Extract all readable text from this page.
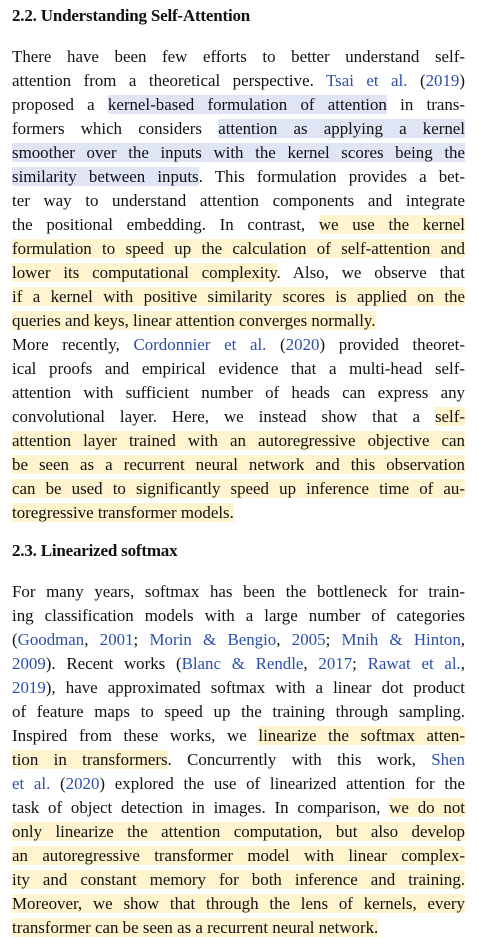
2.2. Understanding Self-Attention
There have been few efforts to better understand self-
attention from a theoretical perspective. Tsai et al. (2019)
proposed a kernel-based formulation of attention in trans-
formers which considers attention as applying a kernel
smoother over the inputs with the kernel scores being the
similarity between inputs. This formulation provides a bet-
ter way to understand attention components and integrate
the positional embedding. In contrast, we use the kernel
formulation to speed up the calculation of self-attention and
lower its computational complexity. Also, we observe that
if a kernel with positive similarity scores is applied on the
queries and keys, linear attention converges normally.
More recently, Cordonnier et al. (2020) provided theoret-
ical proofs and empirical evidence that a multi-head self-
attention with sufficient number of heads can express any
convolutional layer. Here, we instead show that a self-
attention layer trained with an autoregressive objective can
be seen as a recurrent neural network and this observation
can be used to significantly speed up inference time of au-
toregressive transformer models.
2.3. Linearized softmax
For many years, softmax has been the bottleneck for train-
ing classification models with a large number of categories
(Goodman, 2001; Morin & Bengio, 2005; Mnih & Hinton,
2009). Recent works (Blanc & Rendle, 2017; Rawat et al.,
2019), have approximated softmax with a linear dot product
of feature maps to speed up the training through sampling.
Inspired from these works, we linearize the softmax atten-
tion in transformers. Concurrently with this work, Shen
et al. (2020) explored the use of linearized attention for the
task of object detection in images. In comparison, we do not
only linearize the attention computation, but also develop
an autoregressive transformer model with linear complex-
ity and constant memory for both inference and training.
Moreover, we show that through the lens of kernels, every
transformer can be seen as a recurrent neural network.
